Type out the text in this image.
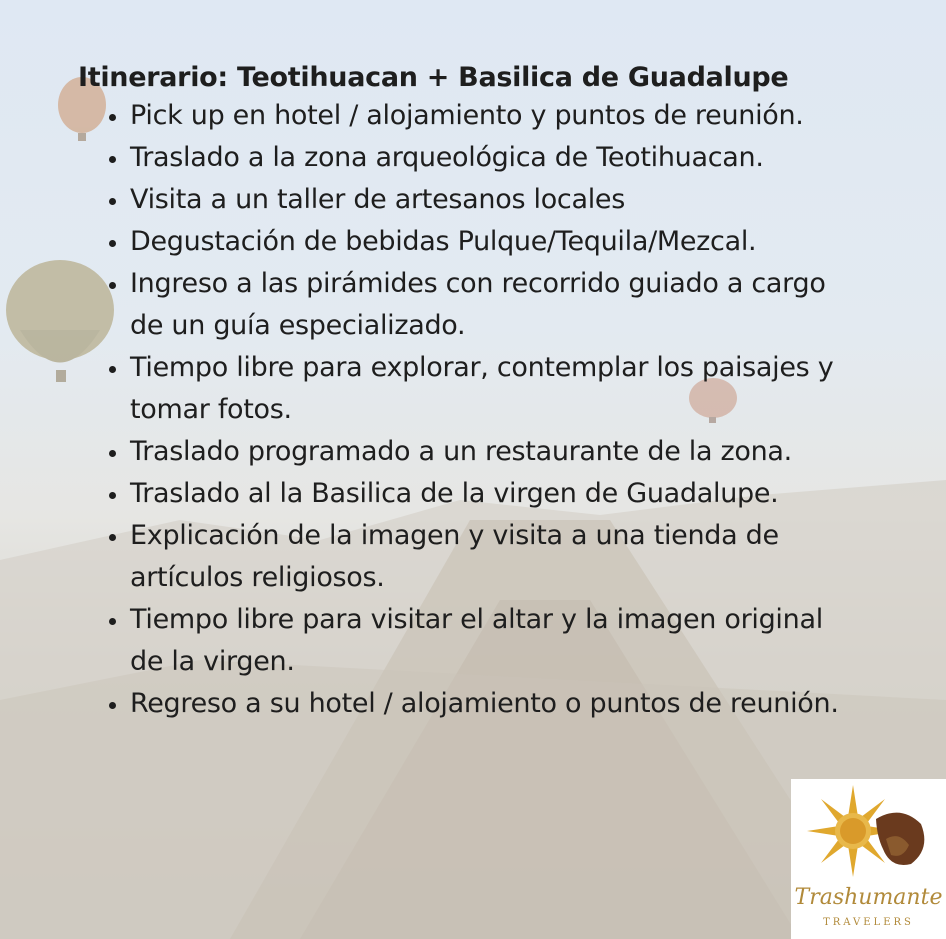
Itinerario: Teotihuacan + Basilica de Guadalupe
• Pick up en hotel / alojamiento y puntos de reunión.
• Traslado a la zona arqueológica de Teotihuacan.
• Visita a un taller de artesanos locales
• Degustación de bebidas Pulque/Tequila/Mezcal.
• Ingreso a las pirámides con recorrido guiado a cargo de un guía especializado.
• Tiempo libre para explorar, contemplar los paisajes y tomar fotos.
• Traslado programado a un restaurante de la zona.
• Traslado al la Basilica de la virgen de Guadalupe.
• Explicación de la imagen y visita a una tienda de artículos religiosos.
• Tiempo libre para visitar el altar y la imagen original de la virgen.
• Regreso a su hotel / alojamiento o puntos de reunión.
Trashumante
TRAVELERS
